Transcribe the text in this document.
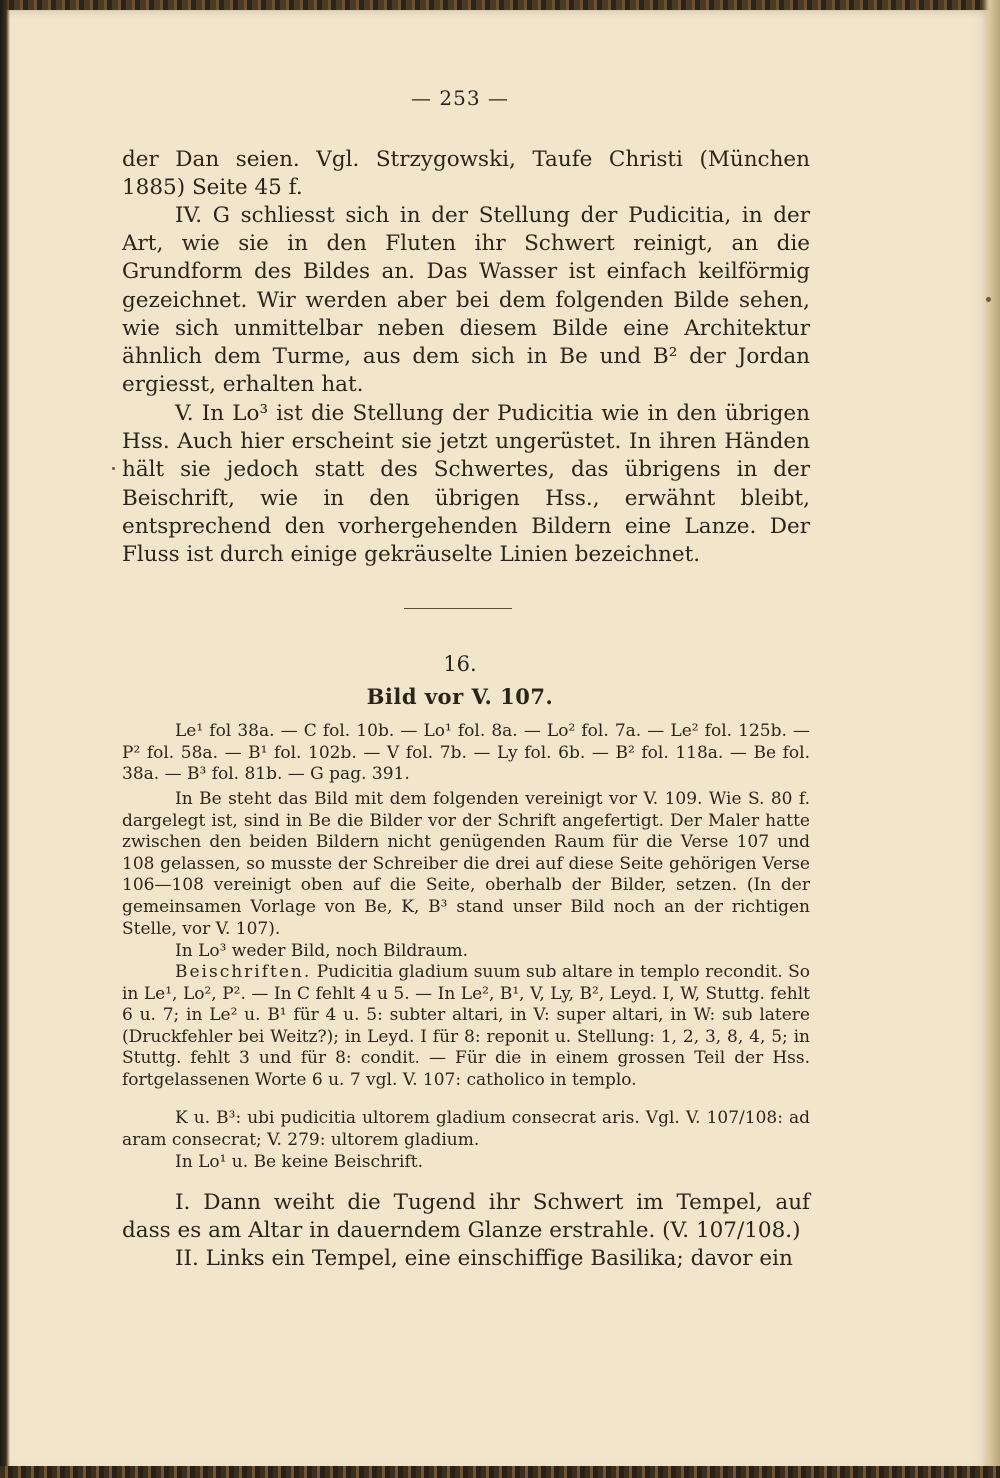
— 253 —

der Dan seien. Vgl. Strzygowski, Taufe Christi (München 1885) Seite 45 f.

IV. G schliesst sich in der Stellung der Pudicitia, in der Art, wie sie in den Fluten ihr Schwert reinigt, an die Grundform des Bildes an. Das Wasser ist einfach keilförmig gezeichnet. Wir werden aber bei dem folgenden Bilde sehen, wie sich unmittelbar neben diesem Bilde eine Architektur ähnlich dem Turme, aus dem sich in Be und B² der Jordan ergiesst, erhalten hat.

V. In Lo³ ist die Stellung der Pudicitia wie in den übrigen Hss. Auch hier erscheint sie jetzt ungerüstet. In ihren Händen hält sie jedoch statt des Schwertes, das übrigens in der Beischrift, wie in den übrigen Hss., erwähnt bleibt, entsprechend den vorhergehenden Bildern eine Lanze. Der Fluss ist durch einige gekräuselte Linien bezeichnet.

16.
Bild vor V. 107.

Le¹ fol 38a. — C fol. 10b. — Lo¹ fol. 8a. — Lo² fol. 7a. — Le² fol. 125b. — P² fol. 58a. — B¹ fol. 102b. — V fol. 7b. — Ly fol. 6b. — B² fol. 118a. — Be fol. 38a. — B³ fol. 81b. — G pag. 391.

In Be steht das Bild mit dem folgenden vereinigt vor V. 109. Wie S. 80 f. dargelegt ist, sind in Be die Bilder vor der Schrift angefertigt. Der Maler hatte zwischen den beiden Bildern nicht genügenden Raum für die Verse 107 und 108 gelassen, so musste der Schreiber die drei auf diese Seite gehörigen Verse 106—108 vereinigt oben auf die Seite, oberhalb der Bilder, setzen. (In der gemeinsamen Vorlage von Be, K, B³ stand unser Bild noch an der richtigen Stelle, vor V. 107).

In Lo³ weder Bild, noch Bildraum.

Beischriften. Pudicitia gladium suum sub altare in templo recondit. So in Le¹, Lo², P². — In C fehlt 4 u 5. — In Le², B¹, V, Ly, B², Leyd. I, W, Stuttg. fehlt 6 u. 7; in Le² u. B¹ für 4 u. 5: subter altari, in V: super altari, in W: sub latere (Druckfehler bei Weitz?); in Leyd. I für 8: reponit u. Stellung: 1, 2, 3, 8, 4, 5; in Stuttg. fehlt 3 und für 8: condit. — Für die in einem grossen Teil der Hss. fortgelassenen Worte 6 u. 7 vgl. V. 107: catholico in templo.

K u. B³: ubi pudicitia ultorem gladium consecrat aris. Vgl. V. 107/108: ad aram consecrat; V. 279: ultorem gladium.

In Lo¹ u. Be keine Beischrift.

I. Dann weiht die Tugend ihr Schwert im Tempel, auf dass es am Altar in dauerndem Glanze erstrahle. (V. 107/108.)

II. Links ein Tempel, eine einschiffige Basilika; davor ein
